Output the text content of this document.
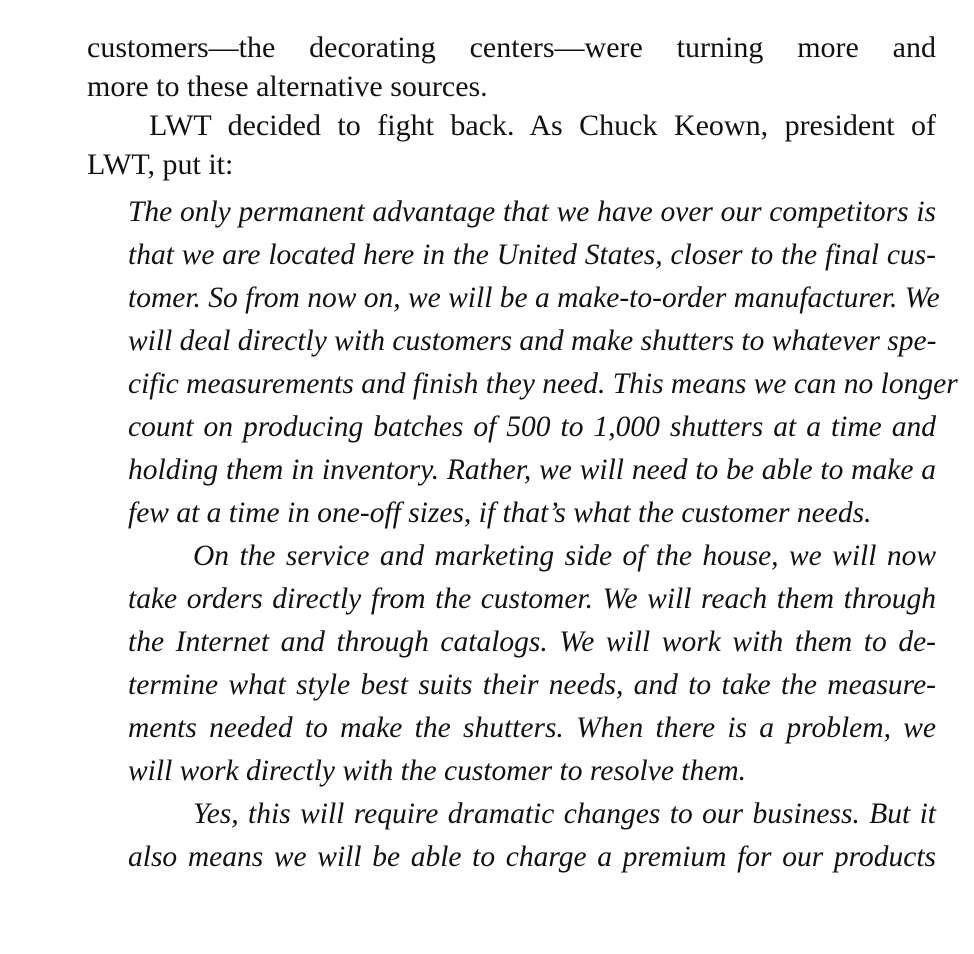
customers—the decorating centers—were turning more and
more to these alternative sources.
LWT decided to fight back. As Chuck Keown, president of
LWT, put it:
The only permanent advantage that we have over our competitors is
that we are located here in the United States, closer to the final cus-
tomer. So from now on, we will be a make-to-order manufacturer. We
will deal directly with customers and make shutters to whatever spe-
cific measurements and finish they need. This means we can no longer
count on producing batches of 500 to 1,000 shutters at a time and
holding them in inventory. Rather, we will need to be able to make a
few at a time in one-off sizes, if that’s what the customer needs.
On the service and marketing side of the house, we will now
take orders directly from the customer. We will reach them through
the Internet and through catalogs. We will work with them to de-
termine what style best suits their needs, and to take the measure-
ments needed to make the shutters. When there is a problem, we
will work directly with the customer to resolve them.
Yes, this will require dramatic changes to our business. But it
also means we will be able to charge a premium for our products
